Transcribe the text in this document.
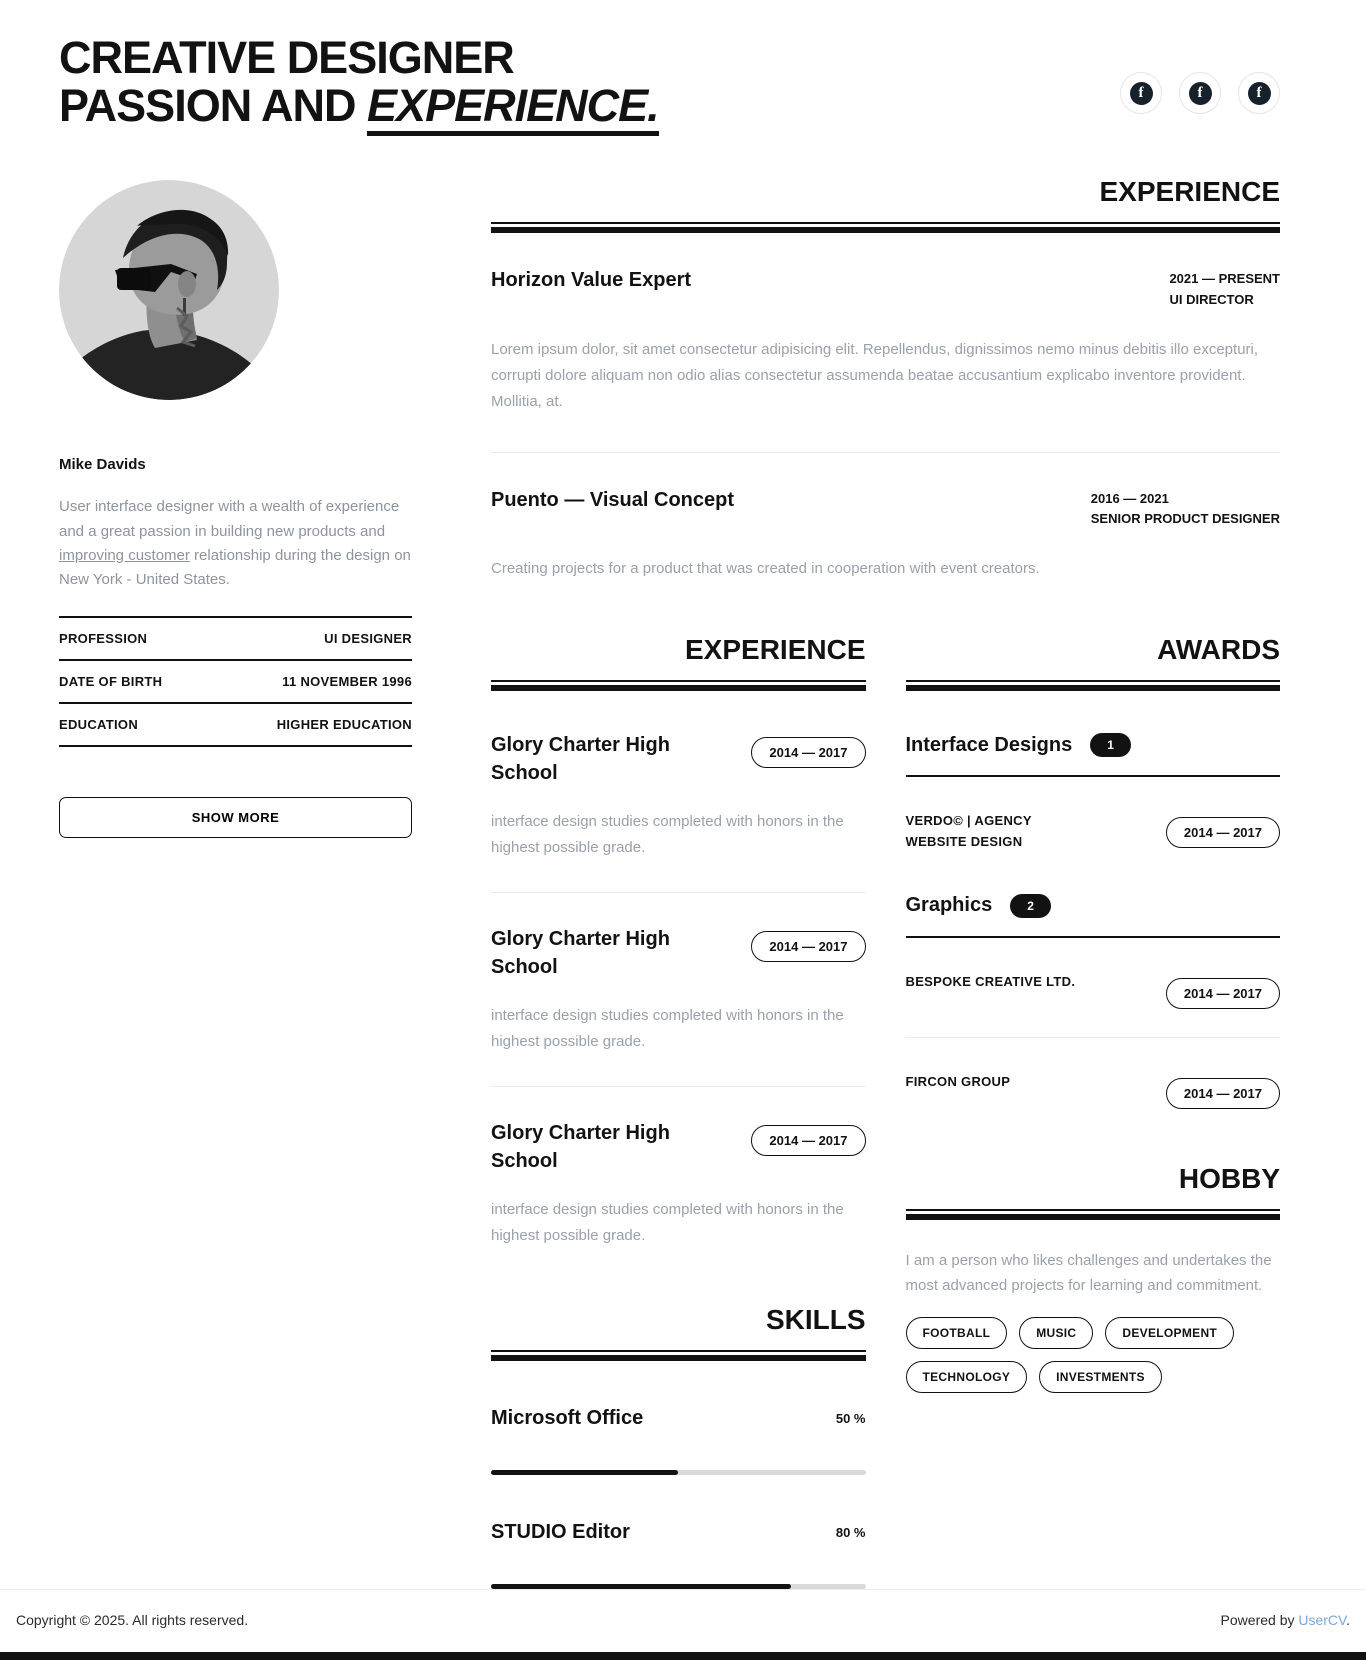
CREATIVE DESIGNER
PASSION AND EXPERIENCE.	f	f	f
Mike Davids

User interface designer with a wealth of experience and a great passion in building new products and improving customer relationship during the design on New York - United States.

PROFESSION	UI DESIGNER
DATE OF BIRTH	11 NOVEMBER 1996
EDUCATION	HIGHER EDUCATION
SHOW MORE
EXPERIENCE
Horizon Value Expert	2021 — PRESENT
UI DIRECTOR

Lorem ipsum dolor, sit amet consectetur adipisicing elit. Repellendus, dignissimos nemo minus debitis illo excepturi, corrupti dolore aliquam non odio alias consectetur assumenda beatae accusantium explicabo inventore provident. Mollitia, at.

Puento — Visual Concept	2016 — 2021
SENIOR PRODUCT DESIGNER

Creating projects for a product that was created in cooperation with event creators.

EXPERIENCE
Glory Charter High School
2014 — 2017

interface design studies completed with honors in the highest possible grade.

Glory Charter High School
2014 — 2017

interface design studies completed with honors in the highest possible grade.

Glory Charter High School
2014 — 2017

interface design studies completed with honors in the highest possible grade.

SKILLS
Microsoft Office	50 %
STUDIO Editor	80 %
AWARDS
Interface Designs	1
VERDO© | AGENCY WEBSITE DESIGN
2014 — 2017
Graphics	2
BESPOKE CREATIVE LTD.
2014 — 2017
FIRCON GROUP
2014 — 2017
HOBBY

I am a person who likes challenges and undertakes the most advanced projects for learning and commitment.

FOOTBALL	MUSIC	DEVELOPMENT
TECHNOLOGY	INVESTMENTS
Copyright © 2025. All rights reserved.	Powered by UserCV.
